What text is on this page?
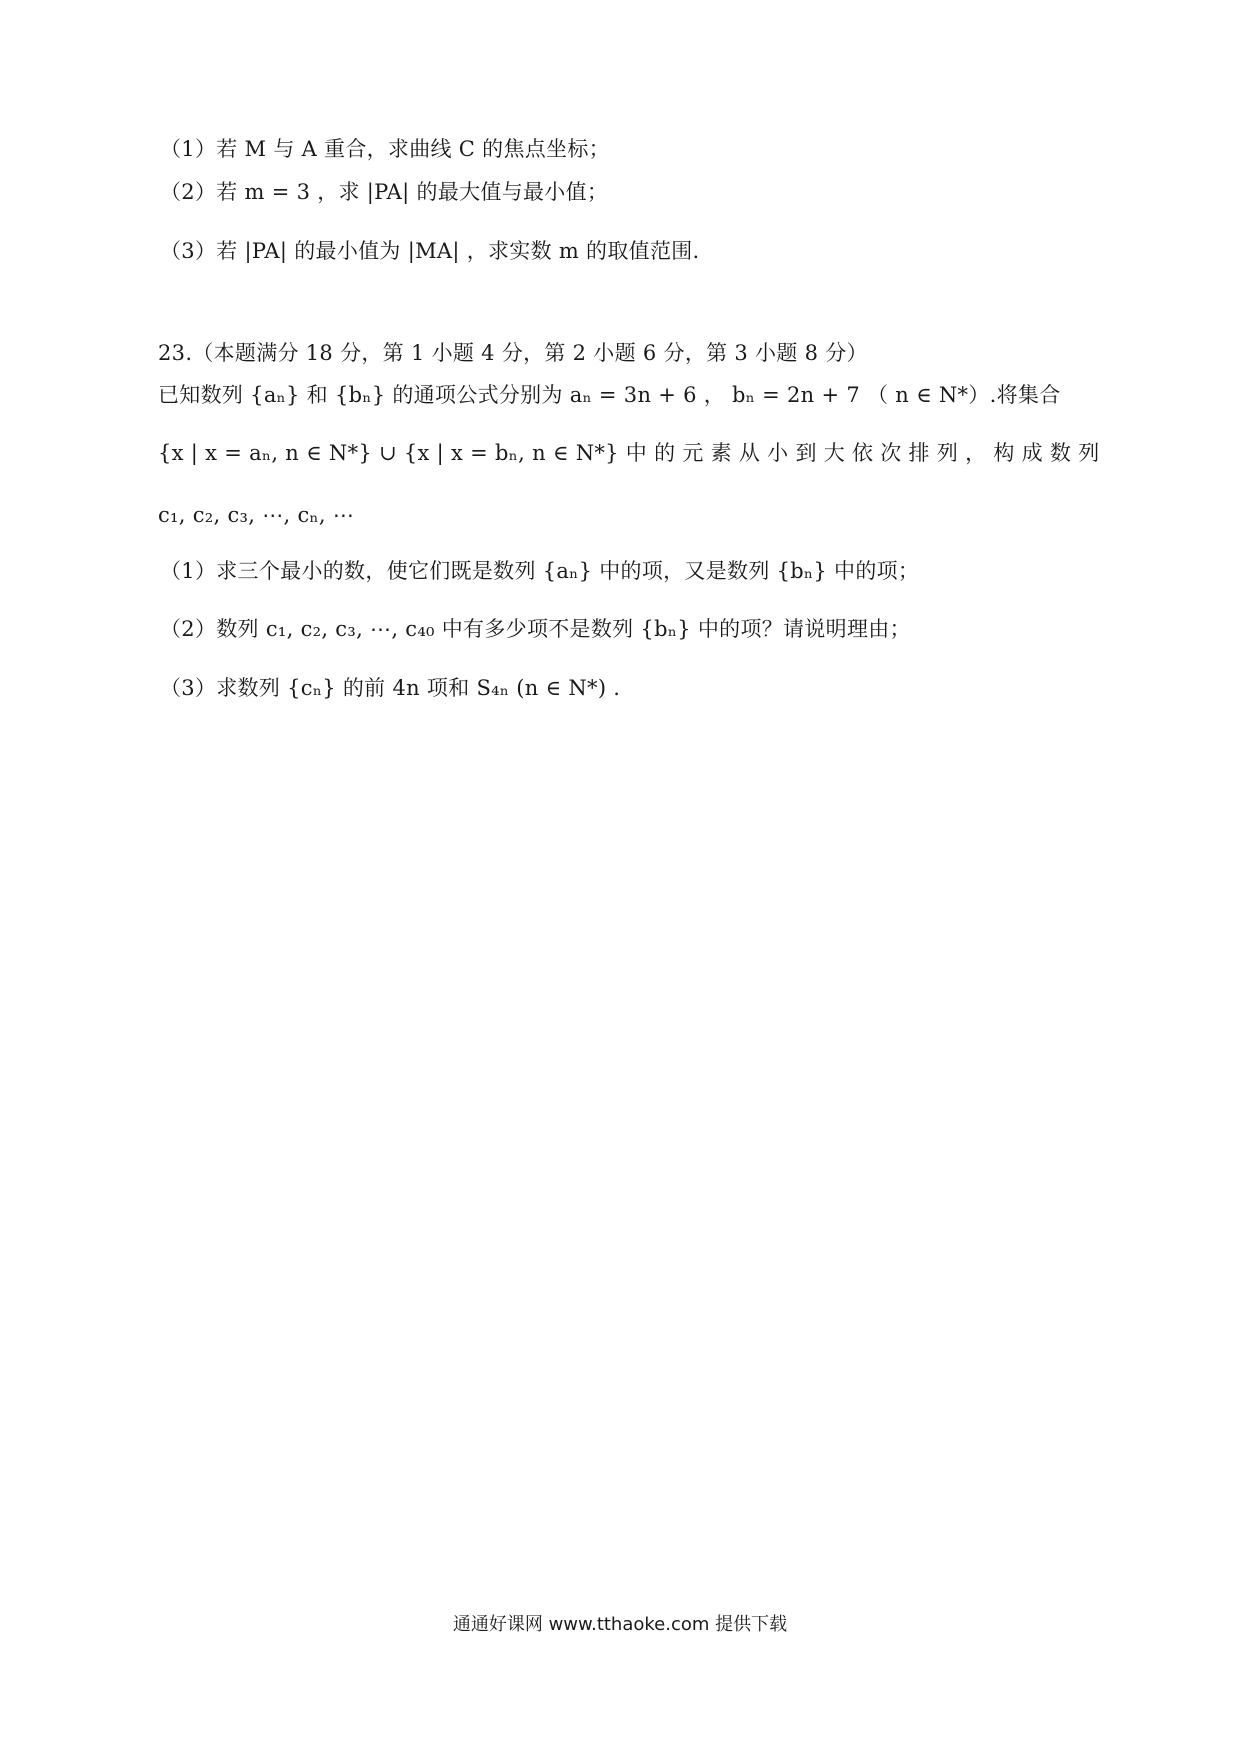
（1）若 M 与 A 重合，求曲线 C 的焦点坐标；
（2）若 m = 3 ，求 |PA| 的最大值与最小值；
（3）若 |PA| 的最小值为 |MA| ，求实数 m 的取值范围.
23.（本题满分 18 分，第 1 小题 4 分，第 2 小题 6 分，第 3 小题 8 分）
已知数列 {aₙ} 和 {bₙ} 的通项公式分别为 aₙ = 3n + 6 ， bₙ = 2n + 7 （ n ∈ N*）.将集合
{x | x = aₙ, n ∈ N*} ∪ {x | x = bₙ, n ∈ N*} 中 的 元 素 从 小 到 大 依 次 排 列 ， 构 成 数 列
c₁, c₂, c₃, ⋯, cₙ, ⋯
（1）求三个最小的数，使它们既是数列 {aₙ} 中的项，又是数列 {bₙ} 中的项；
（2）数列 c₁, c₂, c₃, ⋯, c₄₀ 中有多少项不是数列 {bₙ} 中的项？请说明理由；
（3）求数列 {cₙ} 的前 4n 项和 S₄ₙ (n ∈ N*) .
通通好课网 www.tthaoke.com 提供下载
